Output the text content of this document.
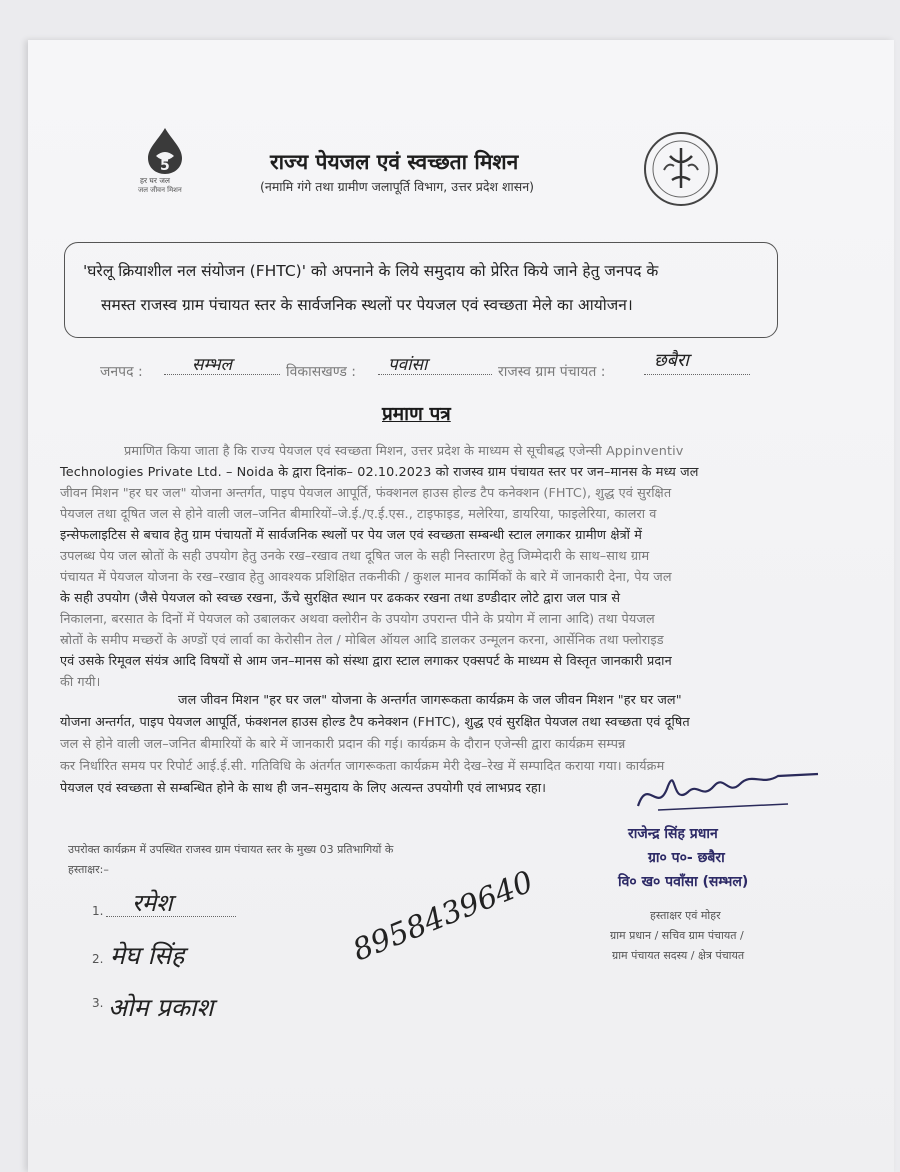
5
हर घर जल
जल जीवन मिशन
राज्य पेयजल एवं स्वच्छता मिशन
(नमामि गंगे तथा ग्रामीण जलापूर्ति विभाग, उत्तर प्रदेश शासन)
'घरेलू क्रियाशील नल संयोजन (FHTC)' को अपनाने के लिये समुदाय को प्रेरित किये जाने हेतु जनपद के
समस्त राजस्व ग्राम पंचायत स्तर के सार्वजनिक स्थलों पर पेयजल एवं स्वच्छता मेले का आयोजन।
जनपद :	सम्भल	विकासखण्ड : पवांसा	राजस्व ग्राम पंचायत :
छबैरा
प्रमाण पत्र
प्रमाणित किया जाता है कि राज्य पेयजल एवं स्वच्छता मिशन, उत्तर प्रदेश के माध्यम से सूचीबद्ध एजेन्सी Appinventiv
Technologies Private Ltd. – Noida के द्वारा दिनांक– 02.10.2023 को राजस्व ग्राम पंचायत स्तर पर जन–मानस के मध्य जल
जीवन मिशन "हर घर जल" योजना अन्तर्गत, पाइप पेयजल आपूर्ति, फंक्शनल हाउस होल्ड टैप कनेक्शन (FHTC), शुद्ध एवं सुरक्षित
पेयजल तथा दूषित जल से होने वाली जल–जनित बीमारियों–जे.ई./ए.ई.एस., टाइफाइड, मलेरिया, डायरिया, फाइलेरिया, कालरा व
इन्सेफलाइटिस से बचाव हेतु ग्राम पंचायतों में सार्वजनिक स्थलों पर पेय जल एवं स्वच्छता सम्बन्धी स्टाल लगाकर ग्रामीण क्षेत्रों में
उपलब्ध पेय जल स्रोतों के सही उपयोग हेतु उनके रख–रखाव तथा दूषित जल के सही निस्तारण हेतु जिम्मेदारी के साथ–साथ ग्राम
पंचायत में पेयजल योजना के रख–रखाव हेतु आवश्यक प्रशिक्षित तकनीकी / कुशल मानव कार्मिकों के बारे में जानकारी देना, पेय जल
के सही उपयोग (जैसे पेयजल को स्वच्छ रखना, ऊँचे सुरक्षित स्थान पर ढककर रखना तथा डण्डीदार लोटे द्वारा जल पात्र से
निकालना, बरसात के दिनों में पेयजल को उबालकर अथवा क्लोरीन के उपयोग उपरान्त पीने के प्रयोग में लाना आदि) तथा पेयजल
स्रोतों के समीप मच्छरों के अण्डों एवं लार्वा का केरोसीन तेल / मोबिल ऑयल आदि डालकर उन्मूलन करना, आर्सेनिक तथा फ्लोराइड
एवं उसके रिमूवल संयंत्र आदि विषयों से आम जन–मानस को संस्था द्वारा स्टाल लगाकर एक्सपर्ट के माध्यम से विस्तृत जानकारी प्रदान
की गयी।
जल जीवन मिशन "हर घर जल" योजना के अन्तर्गत जागरूकता कार्यक्रम के जल जीवन मिशन "हर घर जल"
योजना अन्तर्गत, पाइप पेयजल आपूर्ति, फंक्शनल हाउस होल्ड टैप कनेक्शन (FHTC), शुद्ध एवं सुरक्षित पेयजल तथा स्वच्छता एवं दूषित
जल से होने वाली जल–जनित बीमारियों के बारे में जानकारी प्रदान की गई। कार्यक्रम के दौरान एजेन्सी द्वारा कार्यक्रम सम्पन्न
कर निर्धारित समय पर रिपोर्ट आई.ई.सी. गतिविधि के अंतर्गत जागरूकता कार्यक्रम मेरी देख–रेख में सम्पादित कराया गया। कार्यक्रम
पेयजल एवं स्वच्छता से सम्बन्धित होने के साथ ही जन–समुदाय के लिए अत्यन्त उपयोगी एवं लाभप्रद रहा।
राजेन्द्र सिंह प्रधान
ग्रा० प०- छबैरा
वि० ख० पवाँसा (सम्भल)
हस्ताक्षर एवं मोहर
ग्राम प्रधान / सचिव ग्राम पंचायत /
ग्राम पंचायत सदस्य / क्षेत्र पंचायत
उपरोक्त कार्यक्रम में उपस्थित राजस्व ग्राम पंचायत स्तर के मुख्य 03 प्रतिभागियों के
हस्ताक्षर:–
1. रमेश
2. मेघ सिंह
3. ओम प्रकाश
8958439640
